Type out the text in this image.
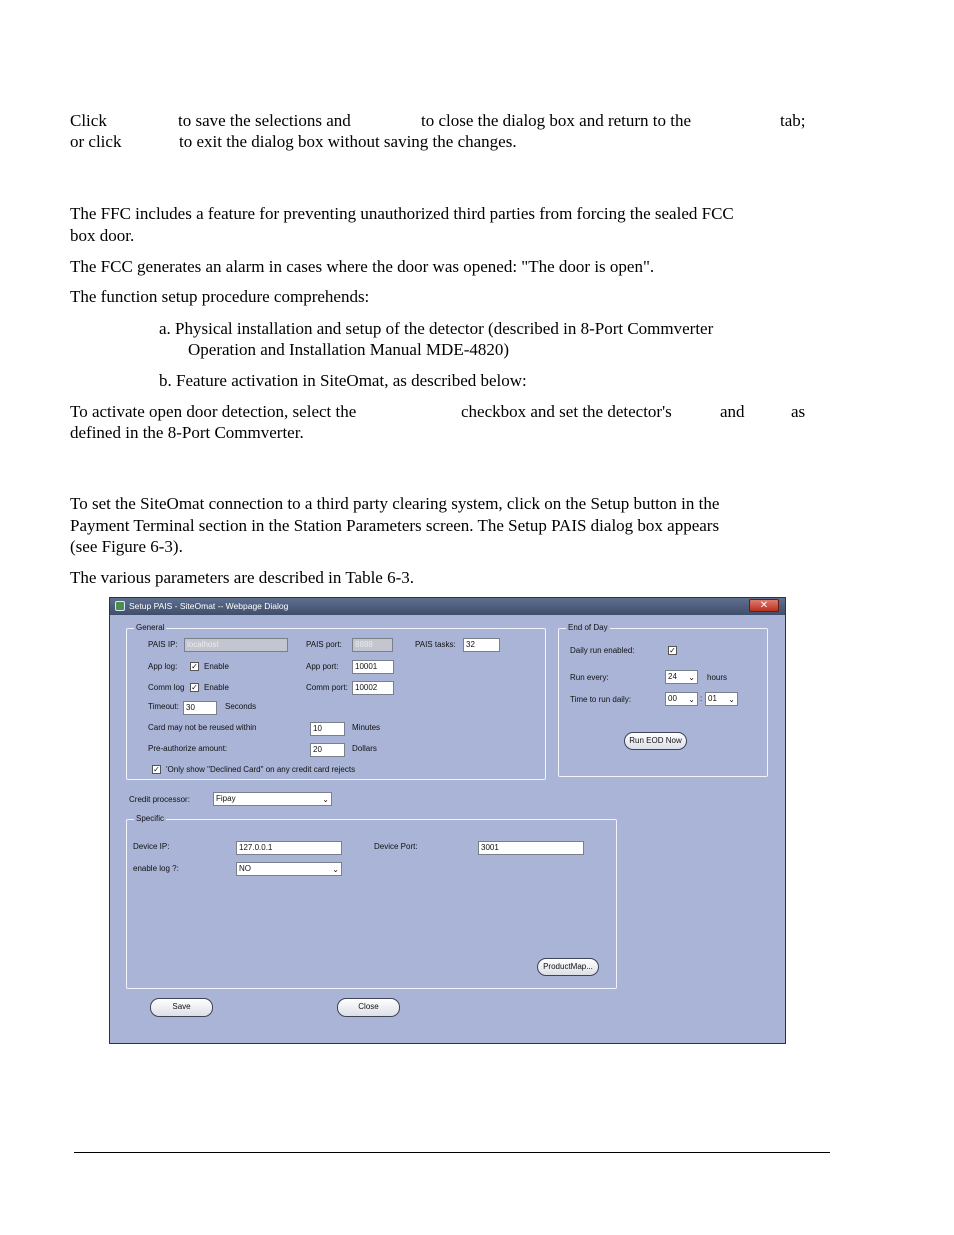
Click	to save the selections and	to close the dialog box and return to the	tab;
or click	to exit the dialog box without saving the changes.
The FFC includes a feature for preventing unauthorized third parties from forcing the sealed FCC
box door.
The FCC generates an alarm in cases where the door was opened: "The door is open".
The function setup procedure comprehends:
a. Physical installation and setup of the detector (described in 8-Port Commverter
Operation and Installation Manual MDE-4820)
b. Feature activation in SiteOmat, as described below:
To activate open door detection, select the	checkbox and set the detector's	and	as
defined in the 8-Port Commverter.
To set the SiteOmat connection to a third party clearing system, click on the Setup button in the
Payment Terminal section in the Station Parameters screen. The Setup PAIS dialog box appears
(see Figure 6-3).
The various parameters are described in Table 6-3.
Setup PAIS - SiteOmat -- Webpage Dialog	✕
General
PAIS IP:	localhost	PAIS port:	8888	PAIS tasks:	32
App log: ✓ Enable	App port:	10001
Comm log ✓ Enable	Comm port: 10002
Timeout: 30	Seconds
Card may not be reused within	10	Minutes
Pre-authorize amount:	20	Dollars
✓ 'Only show "Declined Card" on any credit card rejects
End of Day
Daily run enabled:	✓
Run every:	24 ⌄ hours
Time to run daily:	00 ⌄ : 01 ⌄
Run EOD Now
Credit processor:	Fipay	⌄
Specific
Device IP:	127.0.0.1	Device Port:	3001
enable log ?:	NO	⌄
ProductMap...
Save	Close
